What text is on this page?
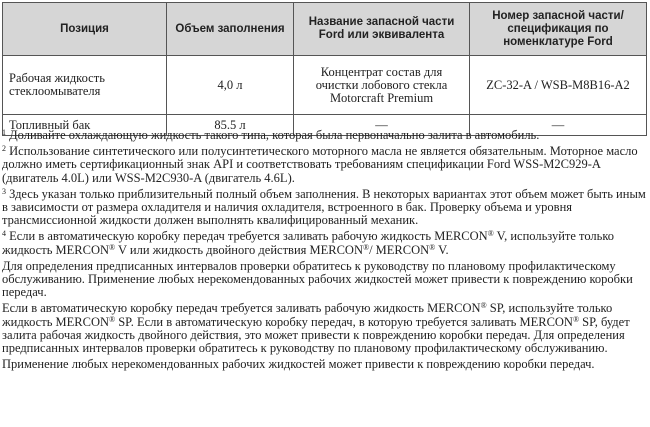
Позиция	Объем заполнения	Название запасной части Ford или эквивалента	Номер запасной части/спецификация по номенклатуре Ford
Рабочая жидкость стеклоомывателя	4,0 л	Концентрат состав для очистки лобового стекла Motorcraft Premium	ZC-32-A / WSB-M8B16-A2
Топливный бак	85.5 л	—	—

$^1$ Доливайте охлаждающую жидкость такого типа, которая была первоначально залита в автомобиль.

$^2$ Использование синтетического или полусинтетического моторного масла не является обязательным. Моторное масло должно иметь сертификационный знак API и соответствовать требованиям спецификации Ford WSS-M2C929-A (двигатель 4.0L) или WSS-M2C930-A (двигатель 4.6L).

$^3$ Здесь указан только приблизительный полный объем заполнения. В некоторых вариантах этот объем может быть иным в зависимости от размера охладителя и наличия охладителя, встроенного в бак. Проверку объема и уровня трансмиссионной жидкости должен выполнять квалифицированный механик.

$^4$ Если в автоматическую коробку передач требуется заливать рабочую жидкость MERCON® V, используйте только жидкость MERCON® V или жидкость двойного действия MERCON®/ MERCON® V.

Для определения предписанных интервалов проверки обратитесь к руководству по плановому профилактическому обслуживанию. Применение любых нерекомендованных рабочих жидкостей может привести к повреждению коробки передач.

Если в автоматическую коробку передач требуется заливать рабочую жидкость MERCON® SP, используйте только жидкость MERCON® SP. Если в автоматическую коробку передач, в которую требуется заливать MERCON® SP, будет залита рабочая жидкость двойного действия, это может привести к повреждению коробки передач. Для определения предписанных интервалов проверки обратитесь к руководству по плановому профилактическому обслуживанию.

Применение любых нерекомендованных рабочих жидкостей может привести к повреждению коробки передач.
